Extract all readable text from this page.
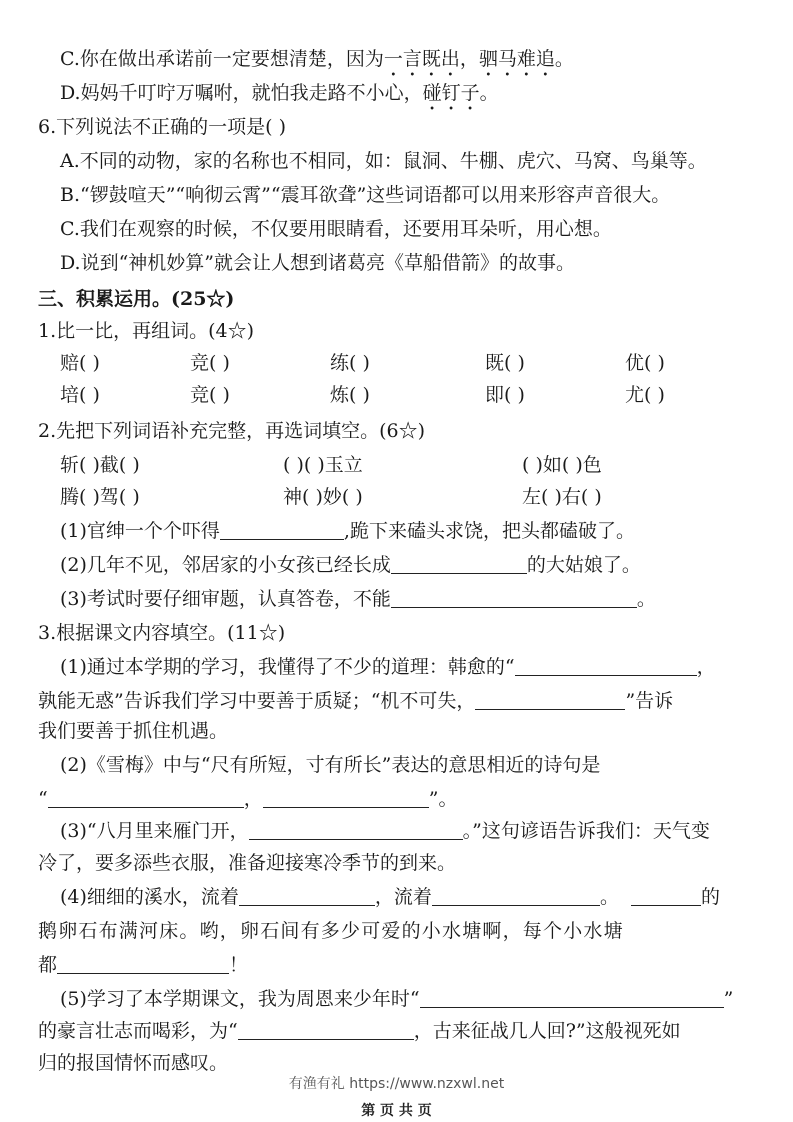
C.你在做出承诺前一定要想清楚，因为一言既出，驷马难追。
D.妈妈千叮咛万嘱咐，就怕我走路不小心，碰钉子。
6.下列说法不正确的一项是( )
A.不同的动物，家的名称也不相同，如：鼠洞、牛棚、虎穴、马窝、鸟巢等。
B.“锣鼓喧天”“响彻云霄”“震耳欲聋”这些词语都可以用来形容声音很大。
C.我们在观察的时候，不仅要用眼睛看，还要用耳朵听，用心想。
D.说到“神机妙算”就会让人想到诸葛亮《草船借箭》的故事。
三、积累运用。(25☆)
1.比一比，再组词。(4☆)
赔( )	竞( )	练( )	既( )	优( )
培( )	竞( )	炼( )	即( )	尤( )
2.先把下列词语补充完整，再选词填空。(6☆)
斩( )截( )	( )( )玉立	( )如( )色
腾( )驾( )	神( )妙( )	左( )右( )
(1)官绅一个个吓得	,跪下来磕头求饶，把头都磕破了。
(2)几年不见，邻居家的小女孩已经长成	的大姑娘了。
(3)考试时要仔细审题，认真答卷，不能	。
3.根据课文内容填空。(11☆)
(1)通过本学期的学习，我懂得了不少的道理：韩愈的“	，
孰能无惑”告诉我们学习中要善于质疑；“机不可失，	”告诉
我们要善于抓住机遇。
(2)《雪梅》中与“尺有所短，寸有所长”表达的意思相近的诗句是
“	，	”。
(3)“八月里来雁门开，	。”这句谚语告诉我们：天气变
冷了，要多添些衣服，准备迎接寒冷季节的到来。
(4)细细的溪水，流着	，流着	。	的
鹅卵石布满河床。哟，卵石间有多少可爱的小水塘啊，每个小水塘
都	！
(5)学习了本学期课文，我为周恩来少年时“	”
的豪言壮志而喝彩，为“	，古来征战几人回?”这般视死如
归的报国情怀而感叹。
有渔有礼 https://www.nzxwl.net
第 页 共 页
